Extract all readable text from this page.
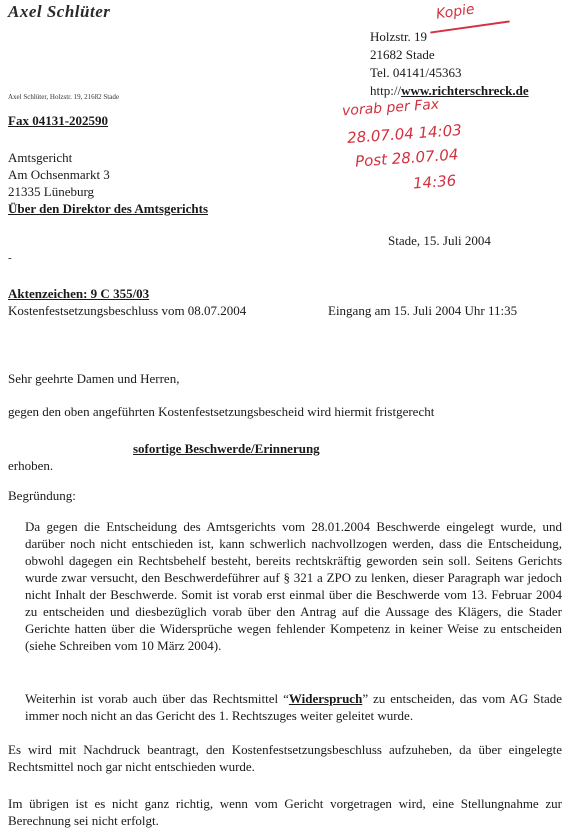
Axel Schlüter
Holzstr. 19
21682 Stade
Tel. 04141/45363
http://www.richterschreck.de
Kopie
vorab per Fax
28.07.04 14:03
Post 28.07.04
14:36
Axel Schlüter, Holzstr. 19, 21682 Stade
Fax 04131-202590
Amtsgericht
Am Ochsenmarkt 3
21335 Lüneburg
Über den Direktor des Amtsgerichts
Stade, 15. Juli 2004
-
Aktenzeichen: 9 C 355/03
Kostenfestsetzungsbeschluss vom 08.07.2004	Eingang am 15. Juli 2004 Uhr 11:35
Sehr geehrte Damen und Herren,
gegen den oben angeführten Kostenfestsetzungsbescheid wird hiermit fristgerecht
sofortige Beschwerde/Erinnerung
erhoben.
Begründung:
Da gegen die Entscheidung des Amtsgerichts vom 28.01.2004 Beschwerde eingelegt wurde, und darüber noch nicht entschieden ist, kann schwerlich nachvollzogen werden, dass die Entscheidung, obwohl dagegen ein Rechtsbehelf besteht, bereits rechtskräftig geworden sein soll. Seitens Gerichts wurde zwar versucht, den Beschwerdeführer auf § 321 a ZPO zu lenken, dieser Paragraph war jedoch nicht Inhalt der Beschwerde. Somit ist vorab erst einmal über die Beschwerde vom 13. Februar 2004 zu entscheiden und diesbezüglich vorab über den Antrag auf die Aussage des Klägers, die Stader Gerichte hatten über die Widersprüche wegen fehlender Kompetenz in keiner Weise zu entscheiden (siehe Schreiben vom 10 März 2004).
Weiterhin ist vorab auch über das Rechtsmittel “Widerspruch” zu entscheiden, das vom AG Stade immer noch nicht an das Gericht des 1. Rechtszuges weiter geleitet wurde.
Es wird mit Nachdruck beantragt, den Kostenfestsetzungsbeschluss aufzuheben, da über eingelegte Rechtsmittel noch gar nicht entschieden wurde.
Im übrigen ist es nicht ganz richtig, wenn vom Gericht vorgetragen wird, eine Stellungnahme zur Berechnung sei nicht erfolgt.
